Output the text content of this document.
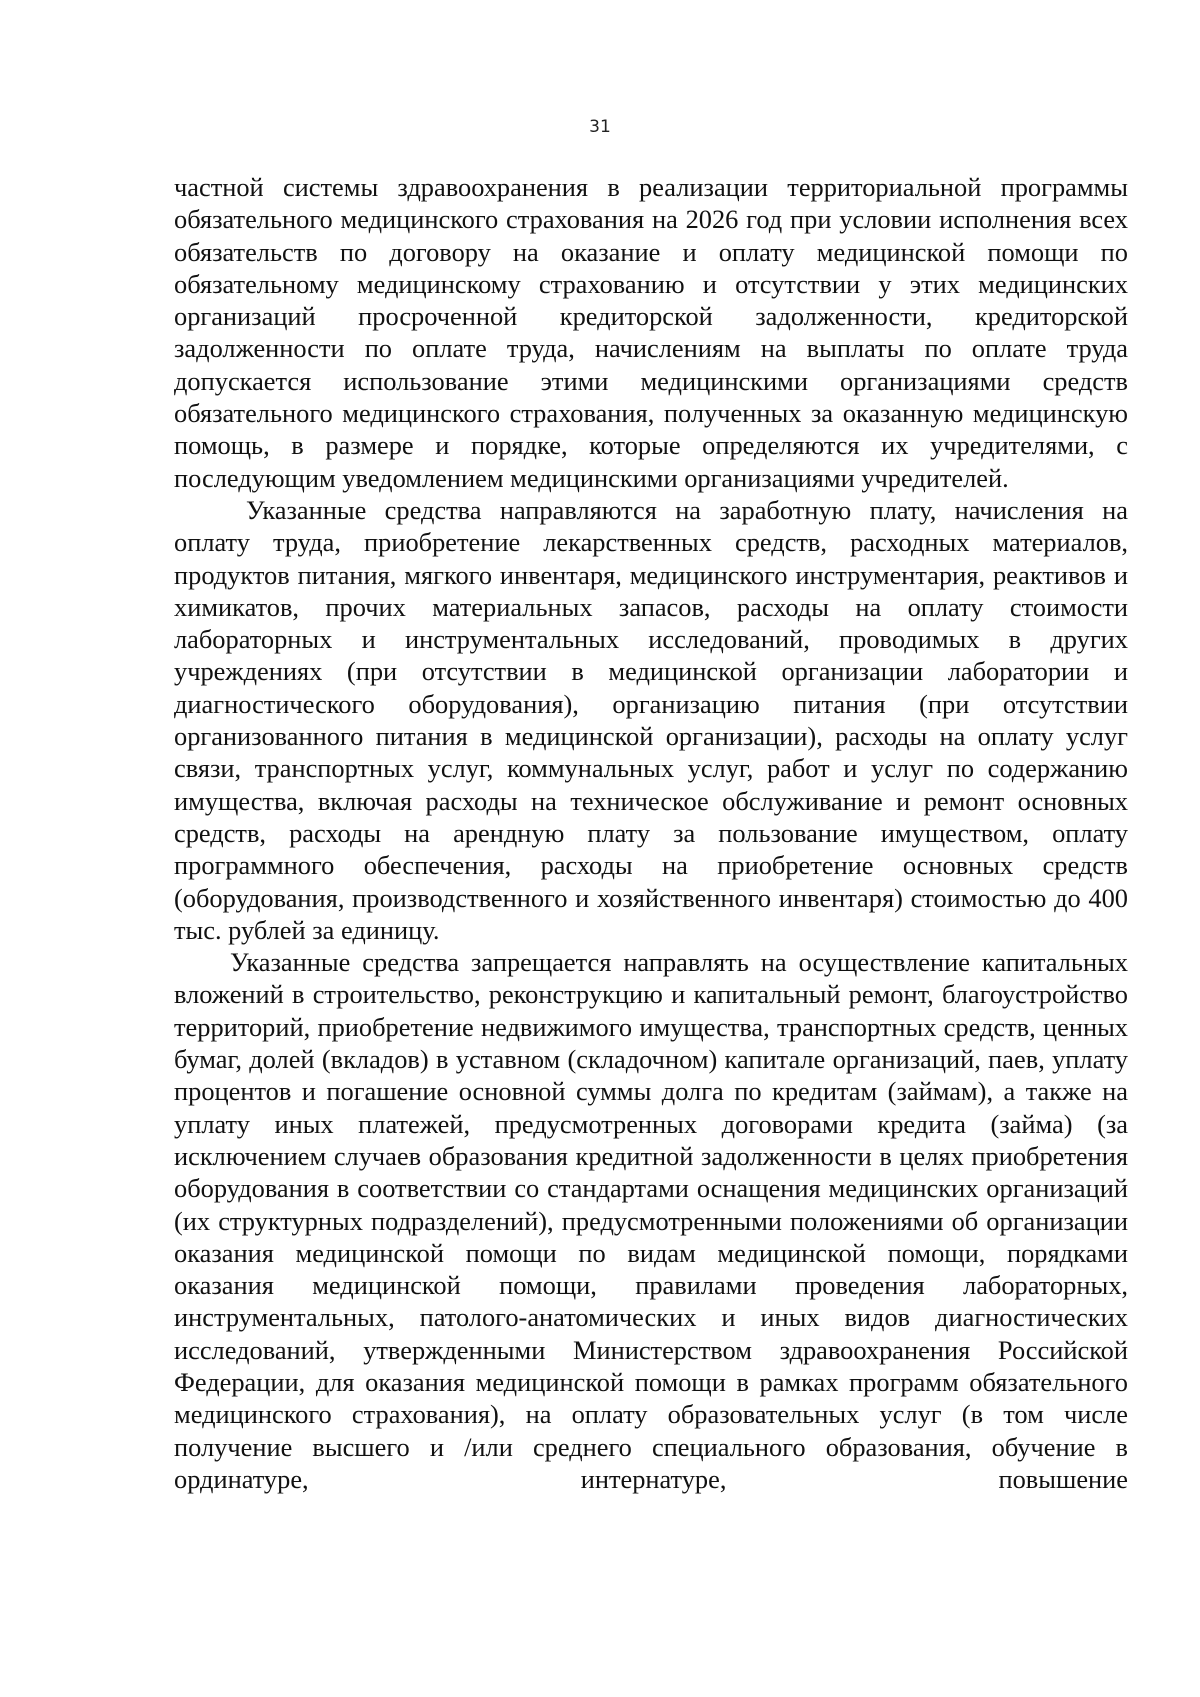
31

частной системы здравоохранения в реализации территориальной программы обязательного медицинского страхования на 2026 год при условии исполнения всех обязательств по договору на оказание и оплату медицинской помощи по обязательному медицинскому страхованию и отсутствии у этих медицинских организаций просроченной кредиторской задолженности, кредиторской задолженности по оплате труда, начислениям на выплаты по оплате труда допускается использование этими медицинскими организациями средств обязательного медицинского страхования, полученных за оказанную медицинскую помощь, в размере и порядке, которые определяются их учредителями, с последующим уведомлением медицинскими организациями учредителей.

Указанные средства направляются на заработную плату, начисления на оплату труда, приобретение лекарственных средств, расходных материалов, продуктов питания, мягкого инвентаря, медицинского инструментария, реактивов и химикатов, прочих материальных запасов, расходы на оплату стоимости лабораторных и инструментальных исследований, проводимых в других учреждениях (при отсутствии в медицинской организации лаборатории и диагностического оборудования), организацию питания (при отсутствии организованного питания в медицинской организации), расходы на оплату услуг связи, транспортных услуг, коммунальных услуг, работ и услуг по содержанию имущества, включая расходы на техническое обслуживание и ремонт основных средств, расходы на арендную плату за пользование имуществом, оплату программного обеспечения, расходы на приобретение основных средств (оборудования, производственного и хозяйственного инвентаря) стоимостью до 400 тыс. рублей за единицу.

Указанные средства запрещается направлять на осуществление капитальных вложений в строительство, реконструкцию и капитальный ремонт, благоустройство территорий, приобретение недвижимого имущества, транспортных средств, ценных бумаг, долей (вкладов) в уставном (складочном) капитале организаций, паев, уплату процентов и погашение основной суммы долга по кредитам (займам), а также на уплату иных платежей, предусмотренных договорами кредита (займа) (за исключением случаев образования кредитной задолженности в целях приобретения оборудования в соответствии со стандартами оснащения медицинских организаций (их структурных подразделений), предусмотренными положениями об организации оказания медицинской помощи по видам медицинской помощи, порядками оказания медицинской помощи, правилами проведения лабораторных, инструментальных, патолого-анатомических и иных видов диагностических исследований, утвержденными Министерством здравоохранения Российской Федерации, для оказания медицинской помощи в рамках программ обязательного медицинского страхования), на оплату образовательных услуг (в том числе получение высшего и /или среднего специального образования, обучение в ординатуре, интернатуре, повышение
